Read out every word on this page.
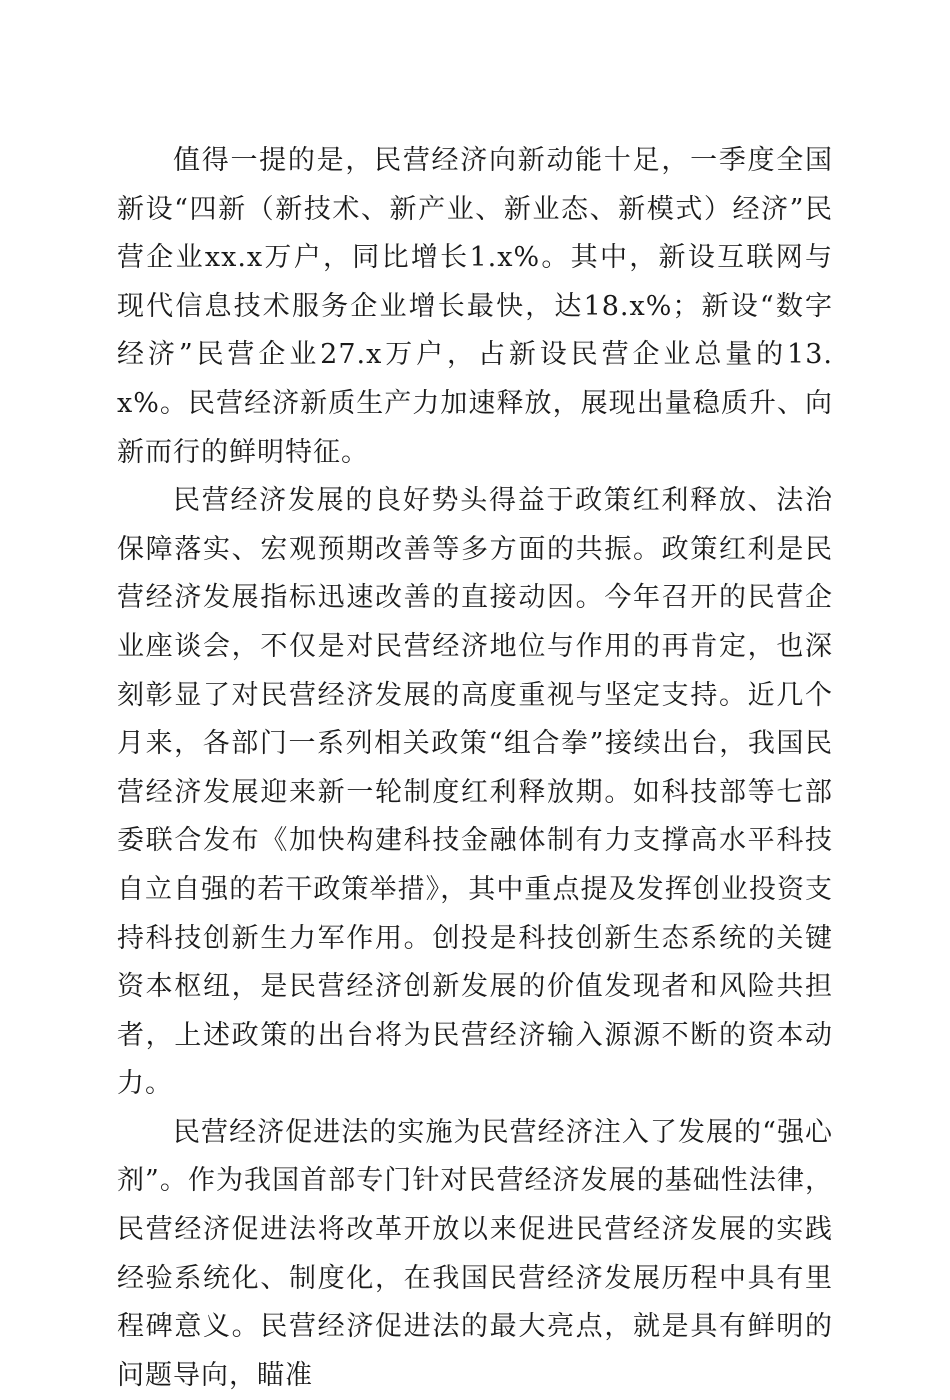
值得一提的是，民营经济向新动能十足，一季度全国新设“四新（新技术、新产业、新业态、新模式）经济”民营企业xx.x万户，同比增长1.x%。其中，新设互联网与现代信息技术服务企业增长最快，达18.x%；新设“数字经济”民营企业27.x万户，占新设民营企业总量的13.x%。民营经济新质生产力加速释放，展现出量稳质升、向新而行的鲜明特征。

民营经济发展的良好势头得益于政策红利释放、法治保障落实、宏观预期改善等多方面的共振。政策红利是民营经济发展指标迅速改善的直接动因。今年召开的民营企业座谈会，不仅是对民营经济地位与作用的再肯定，也深刻彰显了对民营经济发展的高度重视与坚定支持。近几个月来，各部门一系列相关政策“组合拳”接续出台，我国民营经济发展迎来新一轮制度红利释放期。如科技部等七部委联合发布《加快构建科技金融体制有力支撑高水平科技自立自强的若干政策举措》，其中重点提及发挥创业投资支持科技创新生力军作用。创投是科技创新生态系统的关键资本枢纽，是民营经济创新发展的价值发现者和风险共担者，上述政策的出台将为民营经济输入源源不断的资本动力。

民营经济促进法的实施为民营经济注入了发展的“强心剂”。作为我国首部专门针对民营经济发展的基础性法律，民营经济促进法将改革开放以来促进民营经济发展的实践经验系统化、制度化，在我国民营经济发展历程中具有里程碑意义。民营经济促进法的最大亮点，就是具有鲜明的问题导向，瞄准
